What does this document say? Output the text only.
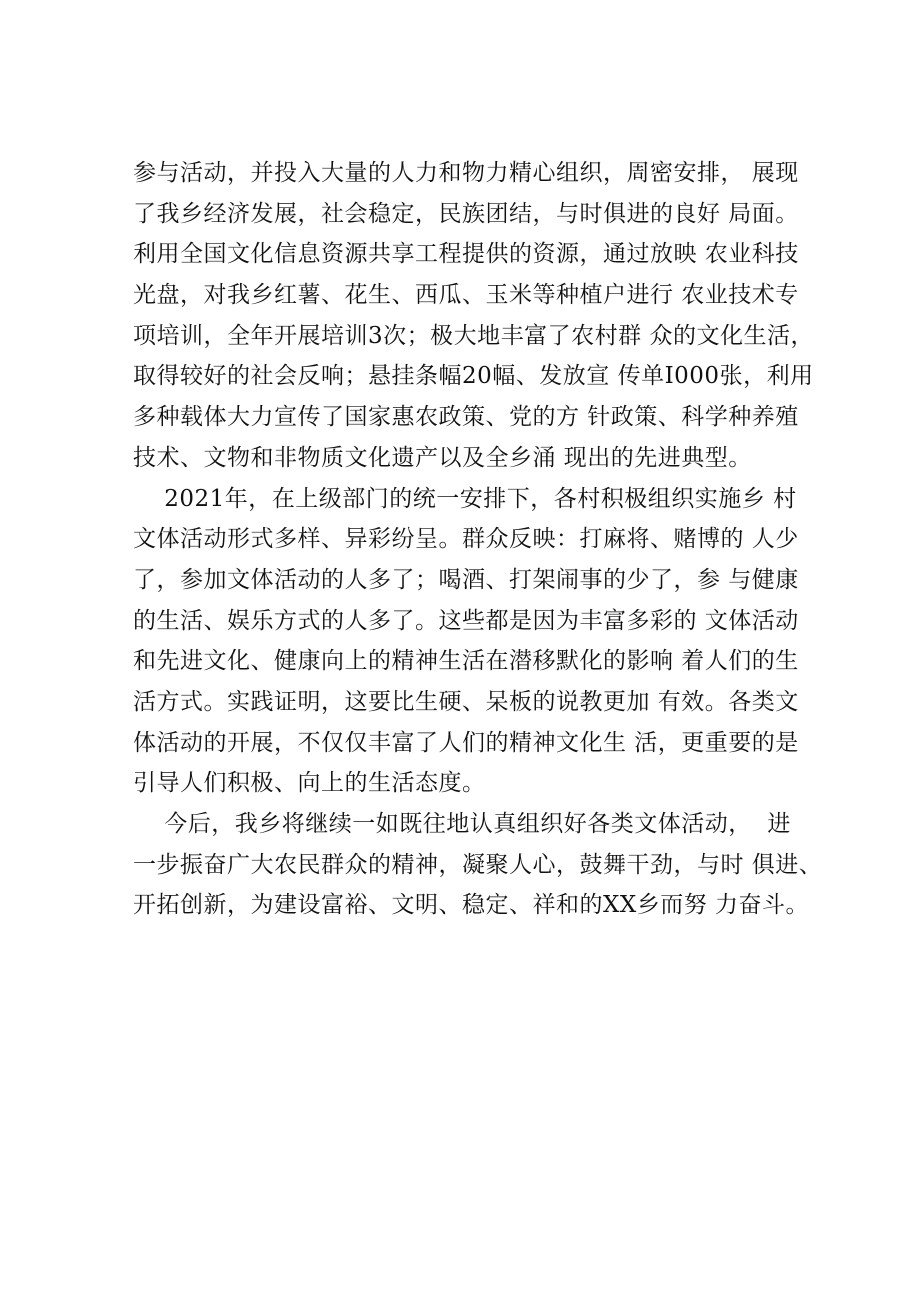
参与活动，并投入大量的人力和物力精心组织，周密安排， 展现
了我乡经济发展，社会稳定，民族团结，与时俱进的良好 局面。
利用全国文化信息资源共享工程提供的资源，通过放映 农业科技
光盘，对我乡红薯、花生、西瓜、玉米等种植户进行 农业技术专
项培训，全年开展培训3次；极大地丰富了农村群 众的文化生活，
取得较好的社会反响；悬挂条幅20幅、发放宣 传单I000张，利用
多种载体大力宣传了国家惠农政策、党的方 针政策、科学种养殖
技术、文物和非物质文化遗产以及全乡涌 现出的先进典型。
2021年，在上级部门的统一安排下，各村积极组织实施乡 村
文体活动形式多样、异彩纷呈。群众反映：打麻将、赌博的 人少
了，参加文体活动的人多了；喝酒、打架闹事的少了，参 与健康
的生活、娱乐方式的人多了。这些都是因为丰富多彩的 文体活动
和先进文化、健康向上的精神生活在潜移默化的影响 着人们的生
活方式。实践证明，这要比生硬、呆板的说教更加 有效。各类文
体活动的开展，不仅仅丰富了人们的精神文化生 活，更重要的是
引导人们积极、向上的生活态度。
今后，我乡将继续一如既往地认真组织好各类文体活动，  进
一步振奋广大农民群众的精神，凝聚人心，鼓舞干劲，与时 俱进、
开拓创新，为建设富裕、文明、稳定、祥和的XX乡而努 力奋斗。
